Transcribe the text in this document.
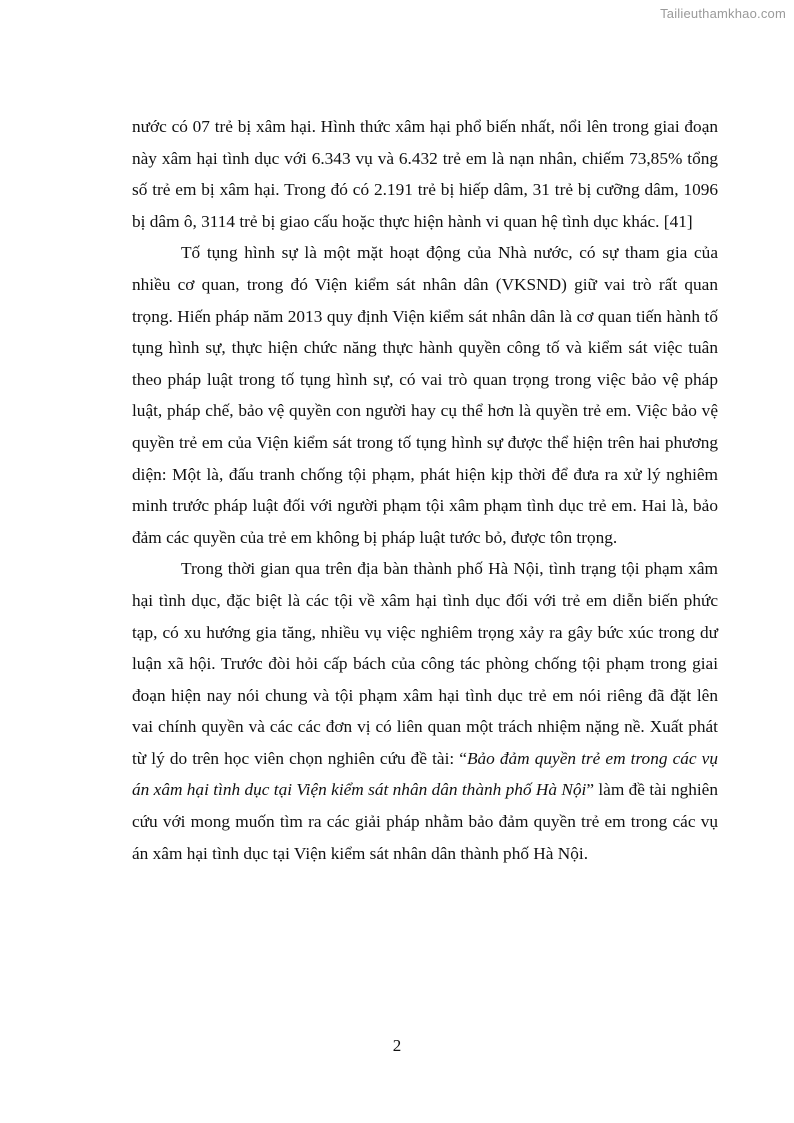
Tailieuthamkhao.com

nước có 07 trẻ bị xâm hại. Hình thức xâm hại phổ biến nhất, nổi lên trong giai đoạn này xâm hại tình dục với 6.343 vụ và 6.432 trẻ em là nạn nhân, chiếm 73,85% tổng số trẻ em bị xâm hại. Trong đó có 2.191 trẻ bị hiếp dâm, 31 trẻ bị cưỡng dâm, 1096 bị dâm ô, 3114 trẻ bị giao cấu hoặc thực hiện hành vi quan hệ tình dục khác. [41]

Tố tụng hình sự là một mặt hoạt động của Nhà nước, có sự tham gia của nhiều cơ quan, trong đó Viện kiểm sát nhân dân (VKSND) giữ vai trò rất quan trọng. Hiến pháp năm 2013 quy định Viện kiểm sát nhân dân là cơ quan tiến hành tố tụng hình sự, thực hiện chức năng thực hành quyền công tố và kiểm sát việc tuân theo pháp luật trong tố tụng hình sự, có vai trò quan trọng trong việc bảo vệ pháp luật, pháp chế, bảo vệ quyền con người hay cụ thể hơn là quyền trẻ em. Việc bảo vệ quyền trẻ em của Viện kiểm sát trong tố tụng hình sự được thể hiện trên hai phương diện: Một là, đấu tranh chống tội phạm, phát hiện kịp thời để đưa ra xử lý nghiêm minh trước pháp luật đối với người phạm tội xâm phạm tình dục trẻ em. Hai là, bảo đảm các quyền của trẻ em không bị pháp luật tước bỏ, được tôn trọng.

Trong thời gian qua trên địa bàn thành phố Hà Nội, tình trạng tội phạm xâm hại tình dục, đặc biệt là các tội về xâm hại tình dục đối với trẻ em diễn biến phức tạp, có xu hướng gia tăng, nhiều vụ việc nghiêm trọng xảy ra gây bức xúc trong dư luận xã hội. Trước đòi hỏi cấp bách của công tác phòng chống tội phạm trong giai đoạn hiện nay nói chung và tội phạm xâm hại tình dục trẻ em nói riêng đã đặt lên vai chính quyền và các các đơn vị có liên quan một trách nhiệm nặng nề. Xuất phát từ lý do trên học viên chọn nghiên cứu đề tài: “Bảo đảm quyền trẻ em trong các vụ án xâm hại tình dục tại Viện kiểm sát nhân dân thành phố Hà Nội” làm đề tài nghiên cứu với mong muốn tìm ra các giải pháp nhằm bảo đảm quyền trẻ em trong các vụ án xâm hại tình dục tại Viện kiểm sát nhân dân thành phố Hà Nội.

2
